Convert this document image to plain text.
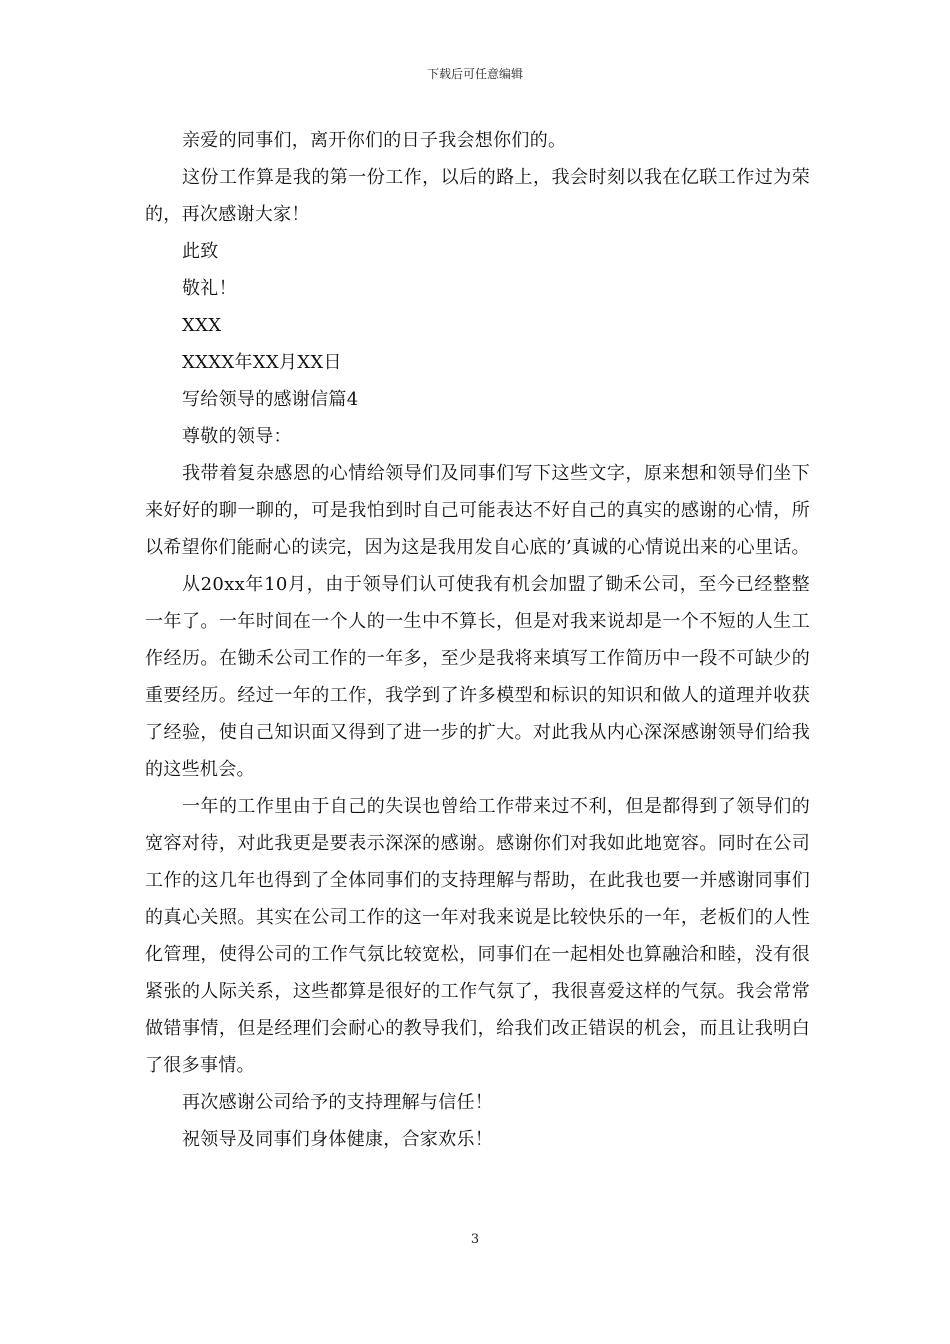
下载后可任意编辑

亲爱的同事们，离开你们的日子我会想你们的。

这份工作算是我的第一份工作，以后的路上，我会时刻以我在亿联工作过为荣的，再次感谢大家！

此致

敬礼！

XXX

XXXX年XX月XX日

写给领导的感谢信篇4

尊敬的领导：

我带着复杂感恩的心情给领导们及同事们写下这些文字，原来想和领导们坐下来好好的聊一聊的，可是我怕到时自己可能表达不好自己的真实的感谢的心情，所以希望你们能耐心的读完，因为这是我用发自心底的’真诚的心情说出来的心里话。

从20xx年10月，由于领导们认可使我有机会加盟了锄禾公司，至今已经整整一年了。一年时间在一个人的一生中不算长，但是对我来说却是一个不短的人生工作经历。在锄禾公司工作的一年多，至少是我将来填写工作简历中一段不可缺少的重要经历。经过一年的工作，我学到了许多模型和标识的知识和做人的道理并收获了经验，使自己知识面又得到了进一步的扩大。对此我从内心深深感谢领导们给我的这些机会。

一年的工作里由于自己的失误也曾给工作带来过不利，但是都得到了领导们的宽容对待，对此我更是要表示深深的感谢。感谢你们对我如此地宽容。同时在公司工作的这几年也得到了全体同事们的支持理解与帮助，在此我也要一并感谢同事们的真心关照。其实在公司工作的这一年对我来说是比较快乐的一年，老板们的人性化管理，使得公司的工作气氛比较宽松，同事们在一起相处也算融洽和睦，没有很紧张的人际关系，这些都算是很好的工作气氛了，我很喜爱这样的气氛。我会常常做错事情，但是经理们会耐心的教导我们，给我们改正错误的机会，而且让我明白了很多事情。

再次感谢公司给予的支持理解与信任！

祝领导及同事们身体健康，合家欢乐！

3
